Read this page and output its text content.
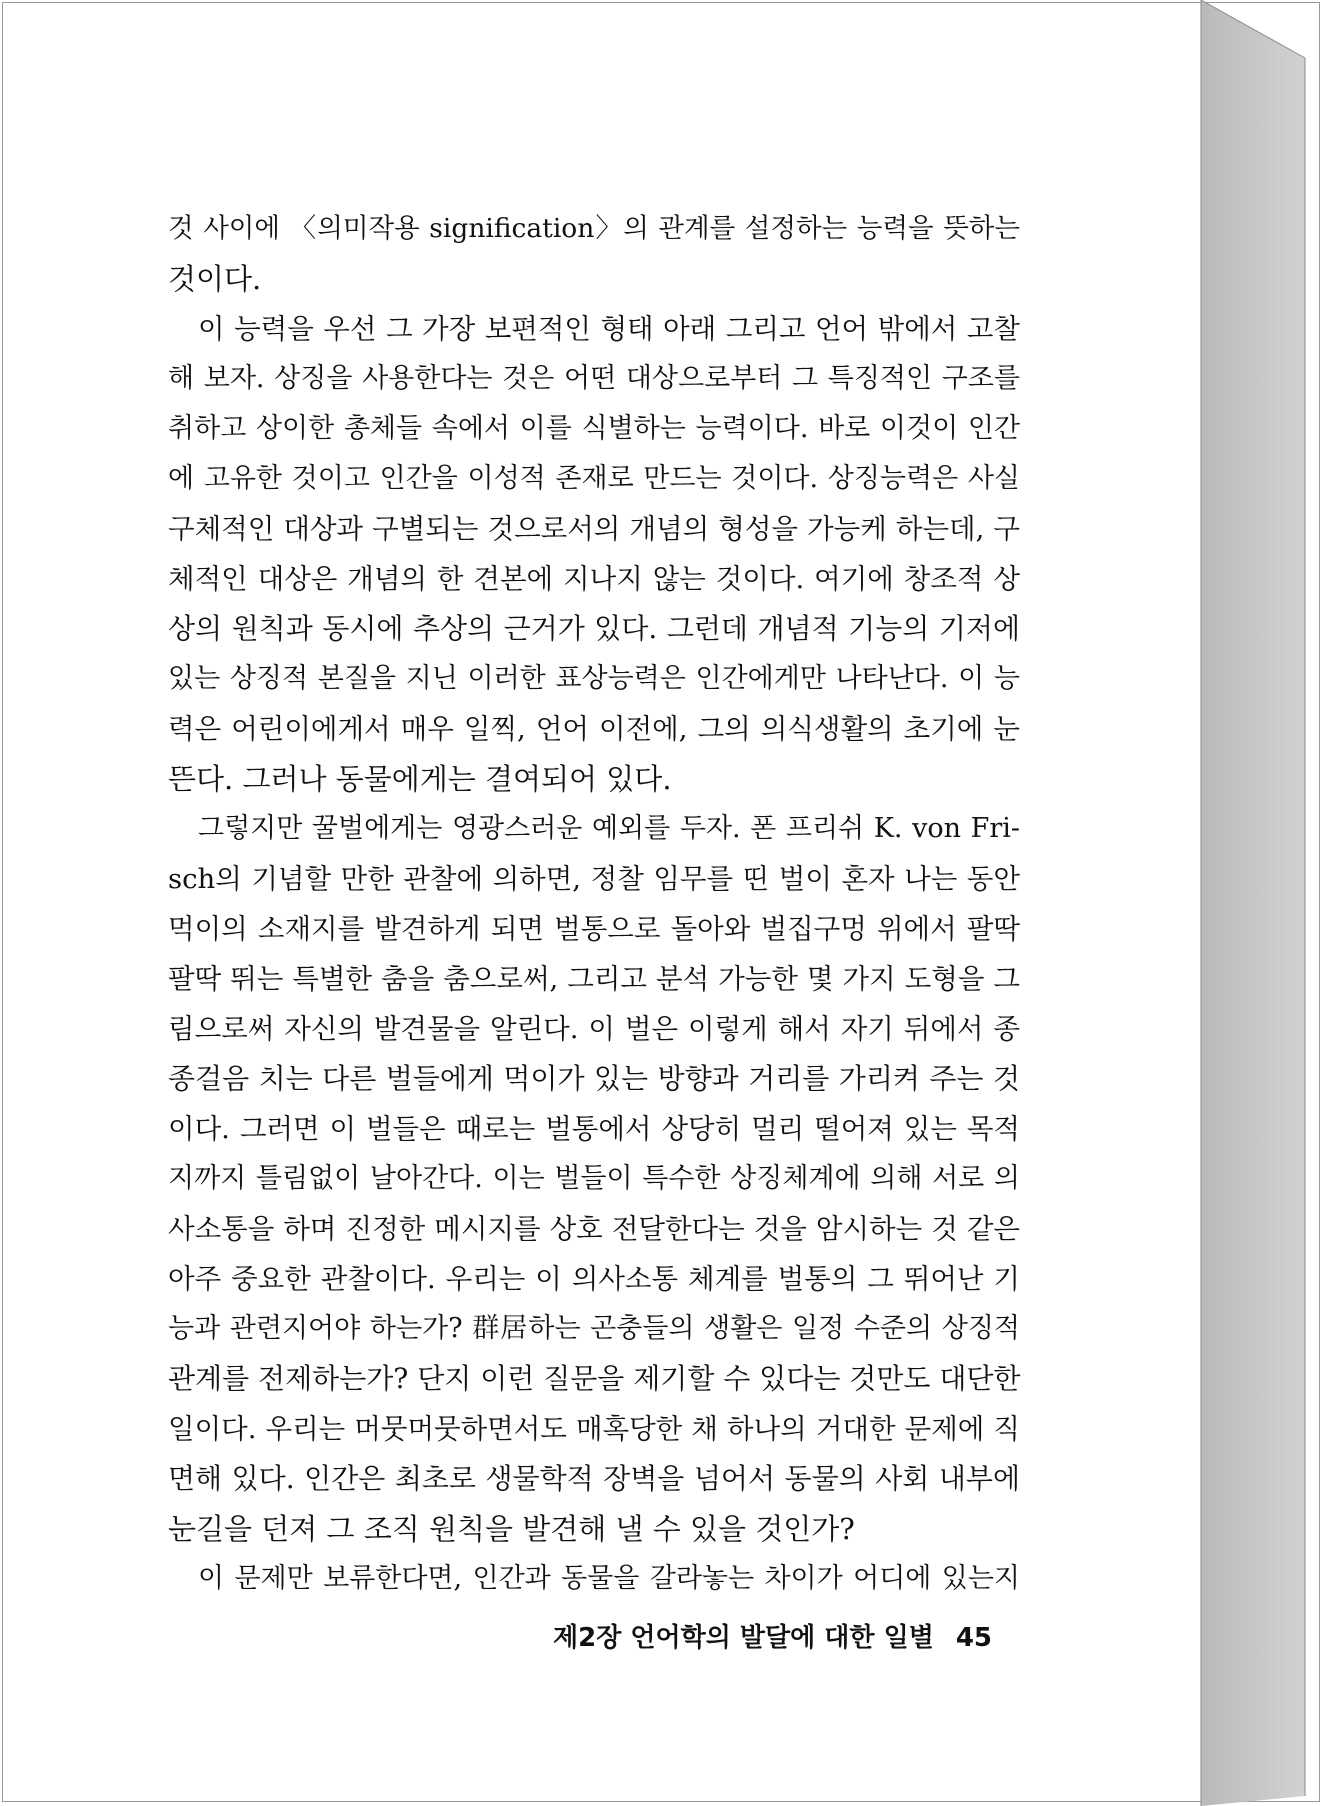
것 사이에 〈의미작용 signification〉의 관계를 설정하는 능력을 뜻하는
것이다.
이 능력을 우선 그 가장 보편적인 형태 아래 그리고 언어 밖에서 고찰
해 보자. 상징을 사용한다는 것은 어떤 대상으로부터 그 특징적인 구조를
취하고 상이한 총체들 속에서 이를 식별하는 능력이다. 바로 이것이 인간
에 고유한 것이고 인간을 이성적 존재로 만드는 것이다. 상징능력은 사실
구체적인 대상과 구별되는 것으로서의 개념의 형성을 가능케 하는데, 구
체적인 대상은 개념의 한 견본에 지나지 않는 것이다. 여기에 창조적 상
상의 원칙과 동시에 추상의 근거가 있다. 그런데 개념적 기능의 기저에
있는 상징적 본질을 지닌 이러한 표상능력은 인간에게만 나타난다. 이 능
력은 어린이에게서 매우 일찍, 언어 이전에, 그의 의식생활의 초기에 눈
뜬다. 그러나 동물에게는 결여되어 있다.
그렇지만 꿀벌에게는 영광스러운 예외를 두자. 폰 프리쉬 K. von Fri-
sch의 기념할 만한 관찰에 의하면, 정찰 임무를 띤 벌이 혼자 나는 동안
먹이의 소재지를 발견하게 되면 벌통으로 돌아와 벌집구멍 위에서 팔딱
팔딱 뛰는 특별한 춤을 춤으로써, 그리고 분석 가능한 몇 가지 도형을 그
림으로써 자신의 발견물을 알린다. 이 벌은 이렇게 해서 자기 뒤에서 종
종걸음 치는 다른 벌들에게 먹이가 있는 방향과 거리를 가리켜 주는 것
이다. 그러면 이 벌들은 때로는 벌통에서 상당히 멀리 떨어져 있는 목적
지까지 틀림없이 날아간다. 이는 벌들이 특수한 상징체계에 의해 서로 의
사소통을 하며 진정한 메시지를 상호 전달한다는 것을 암시하는 것 같은
아주 중요한 관찰이다. 우리는 이 의사소통 체계를 벌통의 그 뛰어난 기
능과 관련지어야 하는가? 群居하는 곤충들의 생활은 일정 수준의 상징적
관계를 전제하는가? 단지 이런 질문을 제기할 수 있다는 것만도 대단한
일이다. 우리는 머뭇머뭇하면서도 매혹당한 채 하나의 거대한 문제에 직
면해 있다. 인간은 최초로 생물학적 장벽을 넘어서 동물의 사회 내부에
눈길을 던져 그 조직 원칙을 발견해 낼 수 있을 것인가?
이 문제만 보류한다면, 인간과 동물을 갈라놓는 차이가 어디에 있는지
제2장 언어학의 발달에 대한 일별 45
